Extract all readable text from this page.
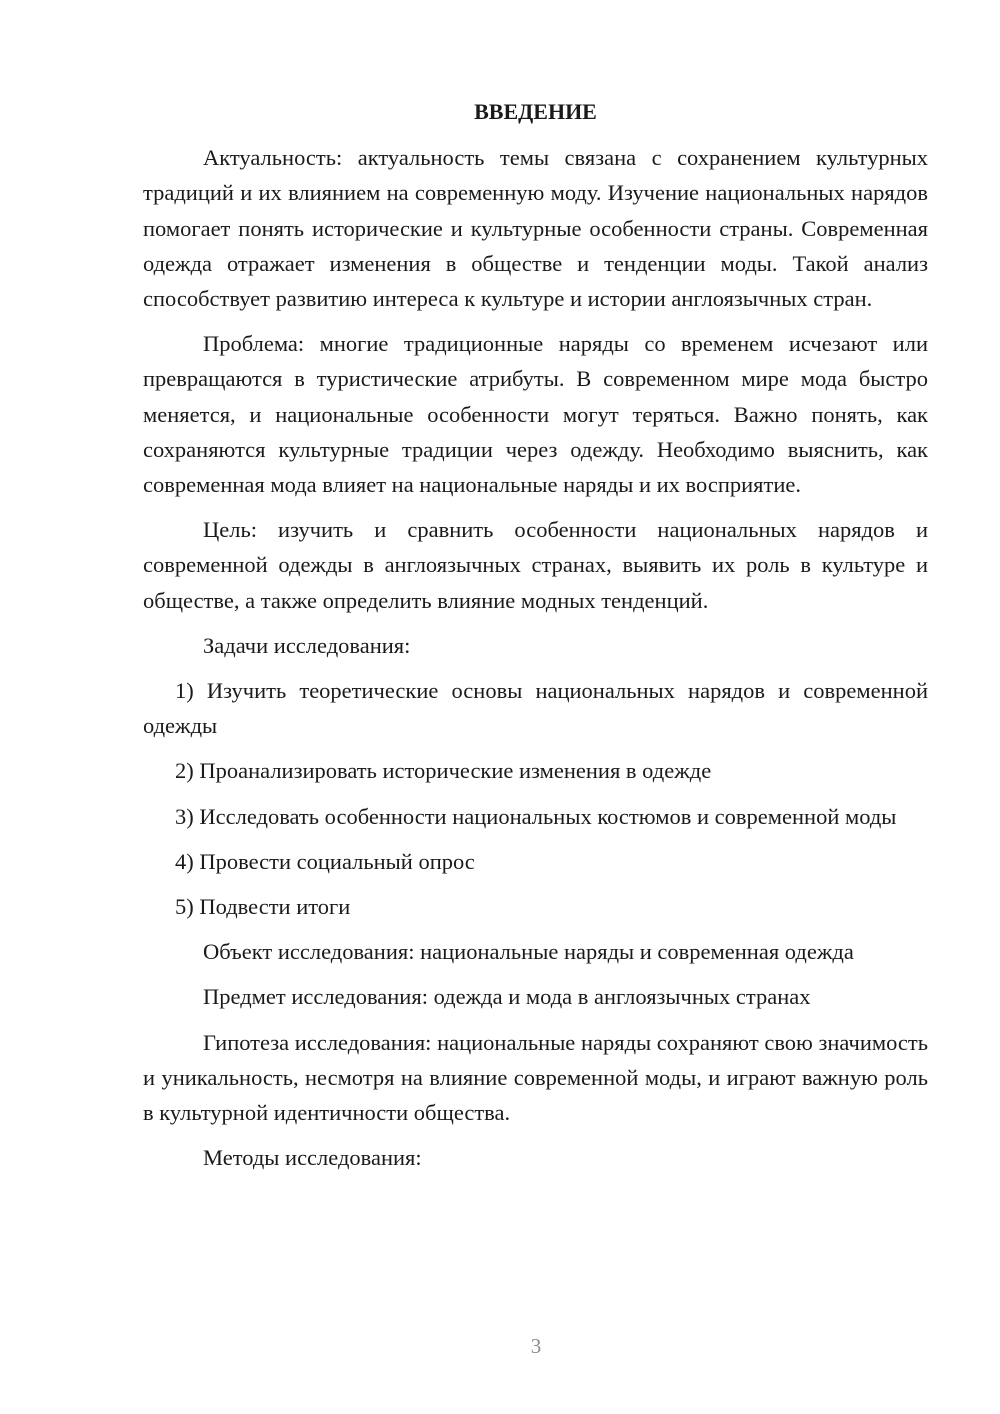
ВВЕДЕНИЕ

Актуальность: актуальность темы связана с сохранением культурных традиций и их влиянием на современную моду. Изучение национальных нарядов помогает понять исторические и культурные особенности страны. Современная одежда отражает изменения в обществе и тенденции моды. Такой анализ способствует развитию интереса к культуре и истории англоязычных стран.

Проблема: многие традиционные наряды со временем исчезают или превращаются в туристические атрибуты. В современном мире мода быстро меняется, и национальные особенности могут теряться. Важно понять, как сохраняются культурные традиции через одежду. Необходимо выяснить, как современная мода влияет на национальные наряды и их восприятие.

Цель: изучить и сравнить особенности национальных нарядов и современной одежды в англоязычных странах, выявить их роль в культуре и обществе, а также определить влияние модных тенденций.

Задачи исследования:

1) Изучить теоретические основы национальных нарядов и современной одежды

2) Проанализировать исторические изменения в одежде

3) Исследовать особенности национальных костюмов и современной моды

4) Провести социальный опрос

5) Подвести итоги

Объект исследования: национальные наряды и современная одежда

Предмет исследования: одежда и мода в англоязычных странах

Гипотеза исследования: национальные наряды сохраняют свою значимость и уникальность, несмотря на влияние современной моды, и играют важную роль в культурной идентичности общества.

Методы исследования:

3
